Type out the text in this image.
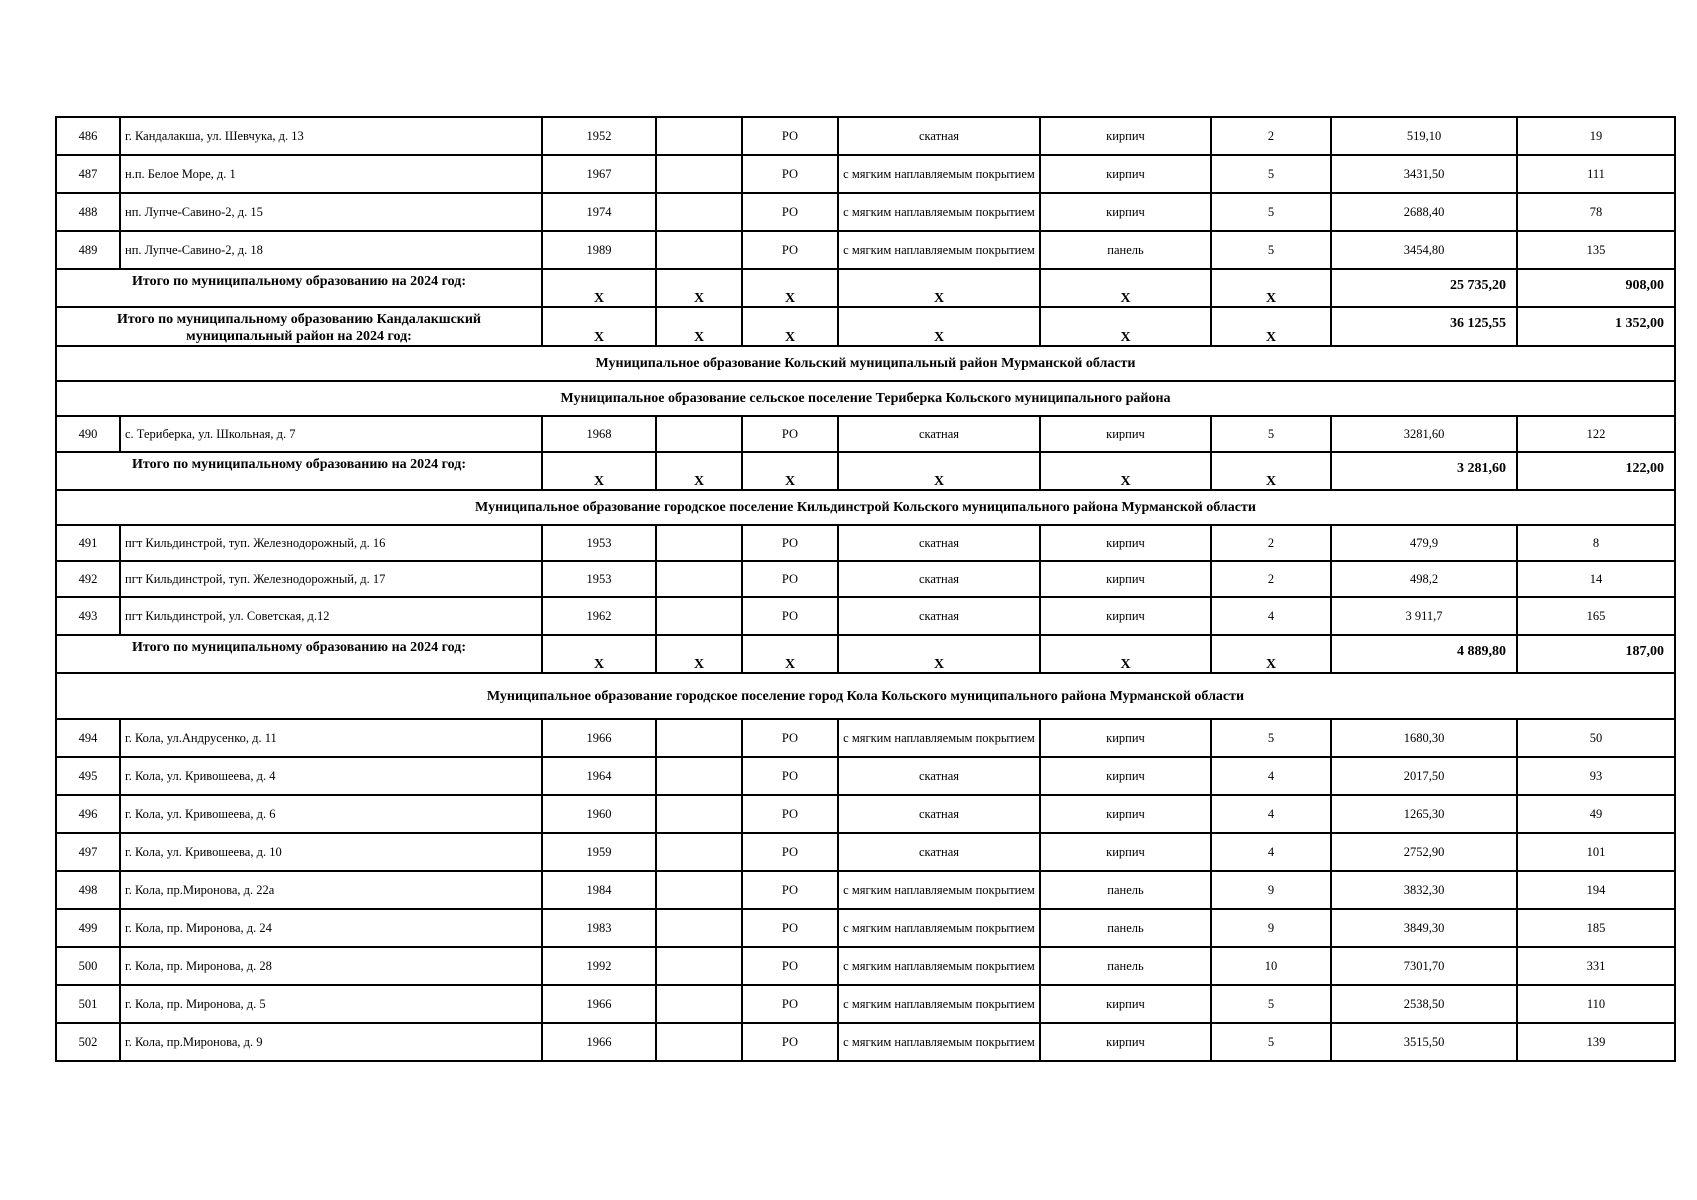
486	г. Кандалакша, ул. Шевчука, д. 13	1952		РО	скатная	кирпич	2	519,10	19
487	н.п. Белое Море, д. 1	1967		РО	с мягким наплавляемым покрытием	кирпич	5	3431,50	111
488	нп. Лупче-Савино-2, д. 15	1974		РО	с мягким наплавляемым покрытием	кирпич	5	2688,40	78
489	нп. Лупче-Савино-2, д. 18	1989		РО	с мягким наплавляемым покрытием	панель	5	3454,80	135
Итого по муниципальному образованию на 2024 год:		X	X	X	X	X	X	25 735,20	908,00
Итого по муниципальному образованию Кандалакшский муниципальный район на 2024 год:		X	X	X	X	X	X	36 125,55	1 352,00
Муниципальное образование Кольский муниципальный район Мурманской области									
Муниципальное образование сельское поселение Териберка Кольского муниципального района									
490	с. Териберка, ул. Школьная, д. 7	1968		РО	скатная	кирпич	5	3281,60	122
Итого по муниципальному образованию на 2024 год:		X	X	X	X	X	X	3 281,60	122,00
Муниципальное образование городское поселение Кильдинстрой Кольского муниципального района Мурманской области									
491	пгт Кильдинстрой, туп. Железнодорожный, д. 16	1953		РО	скатная	кирпич	2	479,9	8
492	пгт Кильдинстрой, туп. Железнодорожный, д. 17	1953		РО	скатная	кирпич	2	498,2	14
493	пгт Кильдинстрой, ул. Советская, д.12	1962		РО	скатная	кирпич	4	3 911,7	165
Итого по муниципальному образованию на 2024 год:		X	X	X	X	X	X	4 889,80	187,00
Муниципальное образование городское поселение город Кола Кольского муниципального района Мурманской области									
494	г. Кола, ул.Андрусенко, д. 11	1966		РО	с мягким наплавляемым покрытием	кирпич	5	1680,30	50
495	г. Кола, ул. Кривошеева, д. 4	1964		РО	скатная	кирпич	4	2017,50	93
496	г. Кола, ул. Кривошеева, д. 6	1960		РО	скатная	кирпич	4	1265,30	49
497	г. Кола, ул. Кривошеева, д. 10	1959		РО	скатная	кирпич	4	2752,90	101
498	г. Кола, пр.Миронова, д. 22а	1984		РО	с мягким наплавляемым покрытием	панель	9	3832,30	194
499	г. Кола, пр. Миронова, д. 24	1983		РО	с мягким наплавляемым покрытием	панель	9	3849,30	185
500	г. Кола, пр. Миронова, д. 28	1992		РО	с мягким наплавляемым покрытием	панель	10	7301,70	331
501	г. Кола, пр. Миронова, д. 5	1966		РО	с мягким наплавляемым покрытием	кирпич	5	2538,50	110
502	г. Кола, пр.Миронова, д. 9	1966		РО	с мягким наплавляемым покрытием	кирпич	5	3515,50	139
